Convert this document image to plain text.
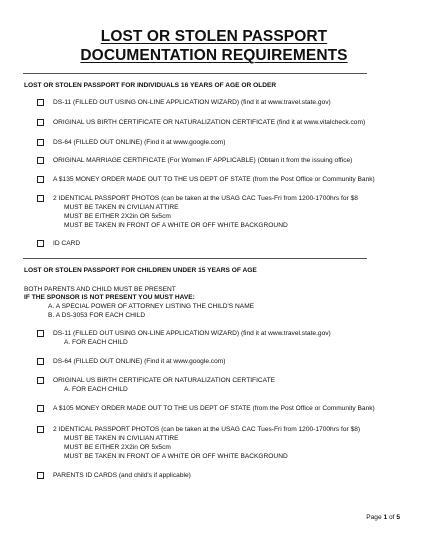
LOST OR STOLEN PASSPORT
DOCUMENTATION REQUIREMENTS
LOST OR STOLEN PASSPORT FOR INDIVIDUALS 16 YEARS OF AGE OR OLDER
DS-11 (FILLED OUT USING ON-LINE APPLICATION WIZARD) (find it at www.travel.state.gov)
ORIGINAL US BIRTH CERTIFICATE OR NATURALIZATION CERTIFICATE (find it at www.vitalcheck.com)
DS-64 (FILLED OUT ONLINE) (Find it at www.google.com)
ORIGINAL MARRIAGE CERTIFICATE (For Women IF APPLICABLE) (Obtain it from the issuing office)
A $135 MONEY ORDER MADE OUT TO THE US DEPT OF STATE (from the Post Office or Community Bank)
2 IDENTICAL PASSPORT PHOTOS (can be taken at the USAG CAC Tues-Fri from 1200-1700hrs for $8
MUST BE TAKEN IN CIVILIAN ATTIRE
MUST BE EITHER 2X2in OR 5x5cm
MUST BE TAKEN IN FRONT OF A WHITE OR OFF WHITE BACKGROUND
ID CARD
LOST OR STOLEN PASSPORT FOR CHILDREN UNDER 15 YEARS OF AGE
BOTH PARENTS AND CHILD MUST BE PRESENT
IF THE SPONSOR IS NOT PRESENT YOU MUST HAVE:
A. A SPECIAL POWER OF ATTORNEY LISTING THE CHILD'S NAME
B. A DS-3053 FOR EACH CHILD
DS-11 (FILLED OUT USING ON-LINE APPLICATION WIZARD) (find it at www.travel.state.gov)
A. FOR EACH CHILD
DS-64 (FILLED OUT ONLINE) (Find it at www.google.com)
ORIGINAL US BIRTH CERTIFICATE OR NATURALIZATION CERTIFICATE
A. FOR EACH CHILD
A $105 MONEY ORDER MADE OUT TO THE US DEPT OF STATE (from the Post Office or Community Bank)
2 IDENTICAL PASSPORT PHOTOS (can be taken at the USAG CAC Tues-Fri from 1200-1700hrs for $8)
MUST BE TAKEN IN CIVILIAN ATTIRE
MUST BE EITHER 2X2in OR 5x5cm
MUST BE TAKEN IN FRONT OF A WHITE OR OFF WHITE BACKGROUND
PARENTS ID CARDS (and child's if applicable)
Page 1 of 5
